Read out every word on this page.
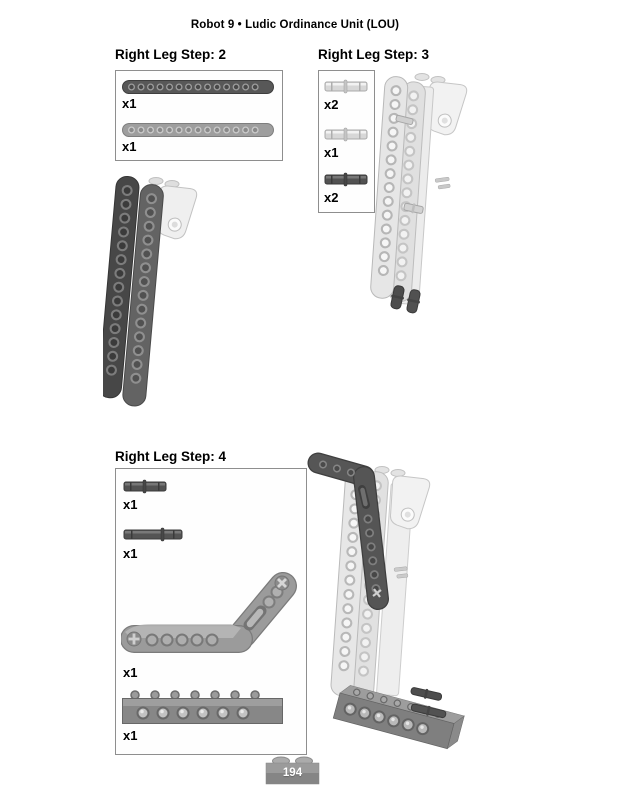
Robot 9 • Ludic Ordinance Unit (LOU)
Right Leg Step: 2
x1
x1
Right Leg Step: 3
x2
x1
x2
Right Leg Step: 4
x1
x1
x1
x1
194
